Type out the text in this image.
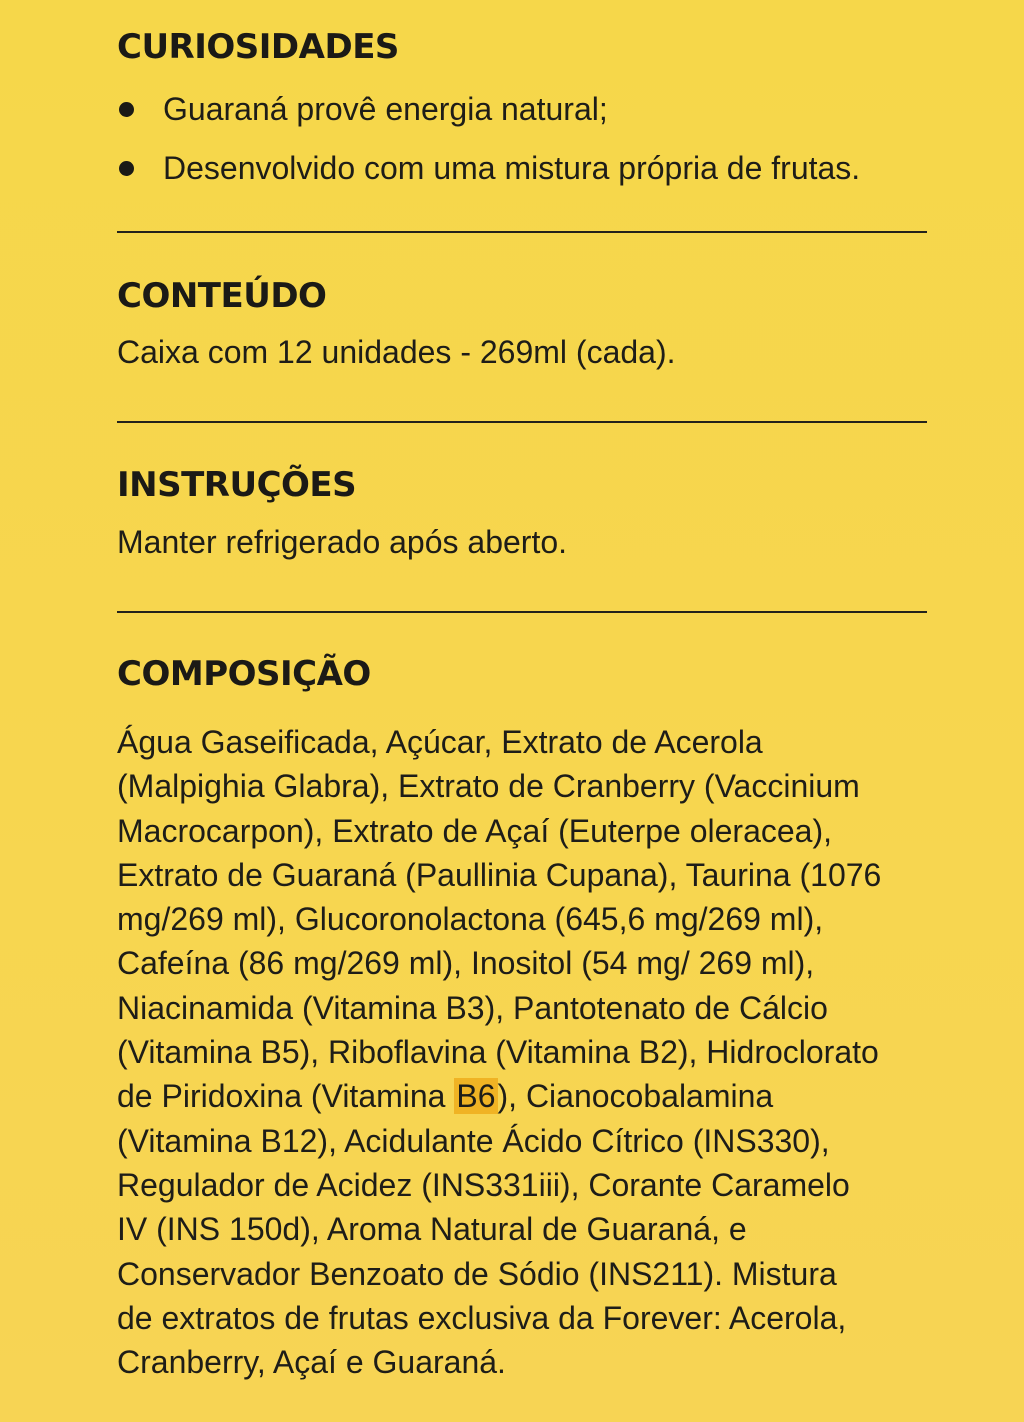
CURIOSIDADES
Guaraná provê energia natural;
Desenvolvido com uma mistura própria de frutas.
CONTEÚDO

Caixa com 12 unidades - 269ml (cada).

INSTRUÇÕES

Manter refrigerado após aberto.

COMPOSIÇÃO
Água Gaseificada, Açúcar, Extrato de Acerola
(Malpighia Glabra), Extrato de Cranberry (Vaccinium
Macrocarpon), Extrato de Açaí (Euterpe oleracea),
Extrato de Guaraná (Paullinia Cupana), Taurina (1076
mg/269 ml), Glucoronolactona (645,6 mg/269 ml),
Cafeína (86 mg/269 ml), Inositol (54 mg/ 269 ml),
Niacinamida (Vitamina B3), Pantotenato de Cálcio
(Vitamina B5), Riboflavina (Vitamina B2), Hidroclorato
de Piridoxina (Vitamina B6), Cianocobalamina
(Vitamina B12), Acidulante Ácido Cítrico (INS330),
Regulador de Acidez (INS331iii), Corante Caramelo
IV (INS 150d), Aroma Natural de Guaraná, e
Conservador Benzoato de Sódio (INS211). Mistura
de extratos de frutas exclusiva da Forever: Acerola,
Cranberry, Açaí e Guaraná.
